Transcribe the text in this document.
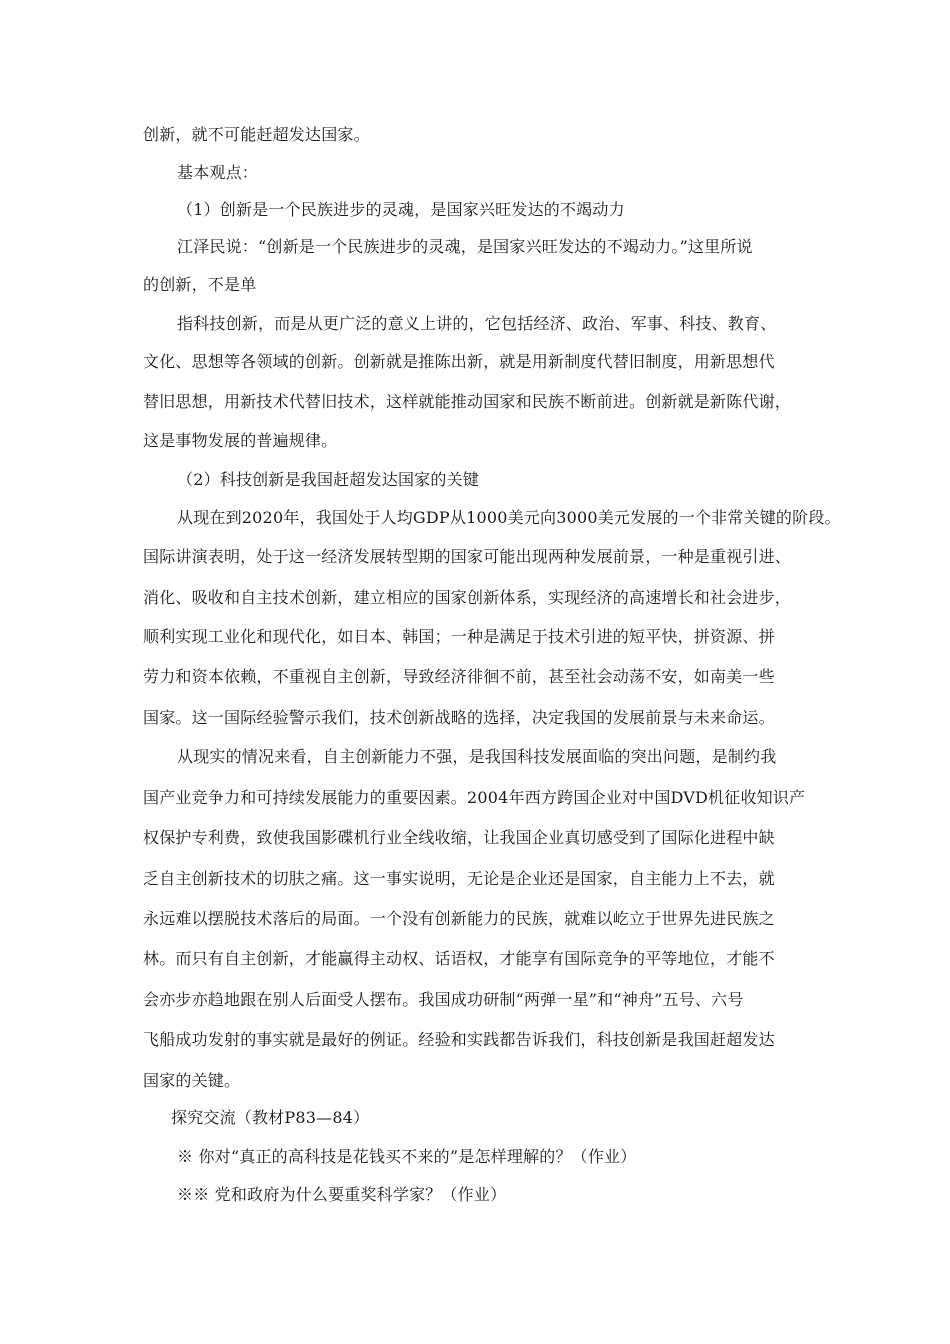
创新，就不可能赶超发达国家。
基本观点：
（1）创新是一个民族进步的灵魂，是国家兴旺发达的不竭动力
江泽民说：“创新是一个民族进步的灵魂，是国家兴旺发达的不竭动力。”这里所说
的创新，不是单
指科技创新，而是从更广泛的意义上讲的，它包括经济、政治、军事、科技、教育、
文化、思想等各领域的创新。创新就是推陈出新，就是用新制度代替旧制度，用新思想代
替旧思想，用新技术代替旧技术，这样就能推动国家和民族不断前进。创新就是新陈代谢，
这是事物发展的普遍规律。
（2）科技创新是我国赶超发达国家的关键
从现在到2020年，我国处于人均GDP从1000美元向3000美元发展的一个非常关键的阶段。
国际讲演表明，处于这一经济发展转型期的国家可能出现两种发展前景，一种是重视引进、
消化、吸收和自主技术创新，建立相应的国家创新体系，实现经济的高速增长和社会进步，
顺利实现工业化和现代化，如日本、韩国；一种是满足于技术引进的短平快，拼资源、拼
劳力和资本依赖，不重视自主创新，导致经济徘徊不前，甚至社会动荡不安，如南美一些
国家。这一国际经验警示我们，技术创新战略的选择，决定我国的发展前景与未来命运。
从现实的情况来看，自主创新能力不强，是我国科技发展面临的突出问题，是制约我
国产业竞争力和可持续发展能力的重要因素。2004年西方跨国企业对中国DVD机征收知识产
权保护专利费，致使我国影碟机行业全线收缩，让我国企业真切感受到了国际化进程中缺
乏自主创新技术的切肤之痛。这一事实说明，无论是企业还是国家，自主能力上不去，就
永远难以摆脱技术落后的局面。一个没有创新能力的民族，就难以屹立于世界先进民族之
林。而只有自主创新，才能赢得主动权、话语权，才能享有国际竞争的平等地位，才能不
会亦步亦趋地跟在别人后面受人摆布。我国成功研制“两弹一星”和“神舟”五号、六号
飞船成功发射的事实就是最好的例证。经验和实践都告诉我们，科技创新是我国赶超发达
国家的关键。
探究交流（教材P83—84）
※ 你对“真正的高科技是花钱买不来的”是怎样理解的？（作业）
※※ 党和政府为什么要重奖科学家？（作业）
